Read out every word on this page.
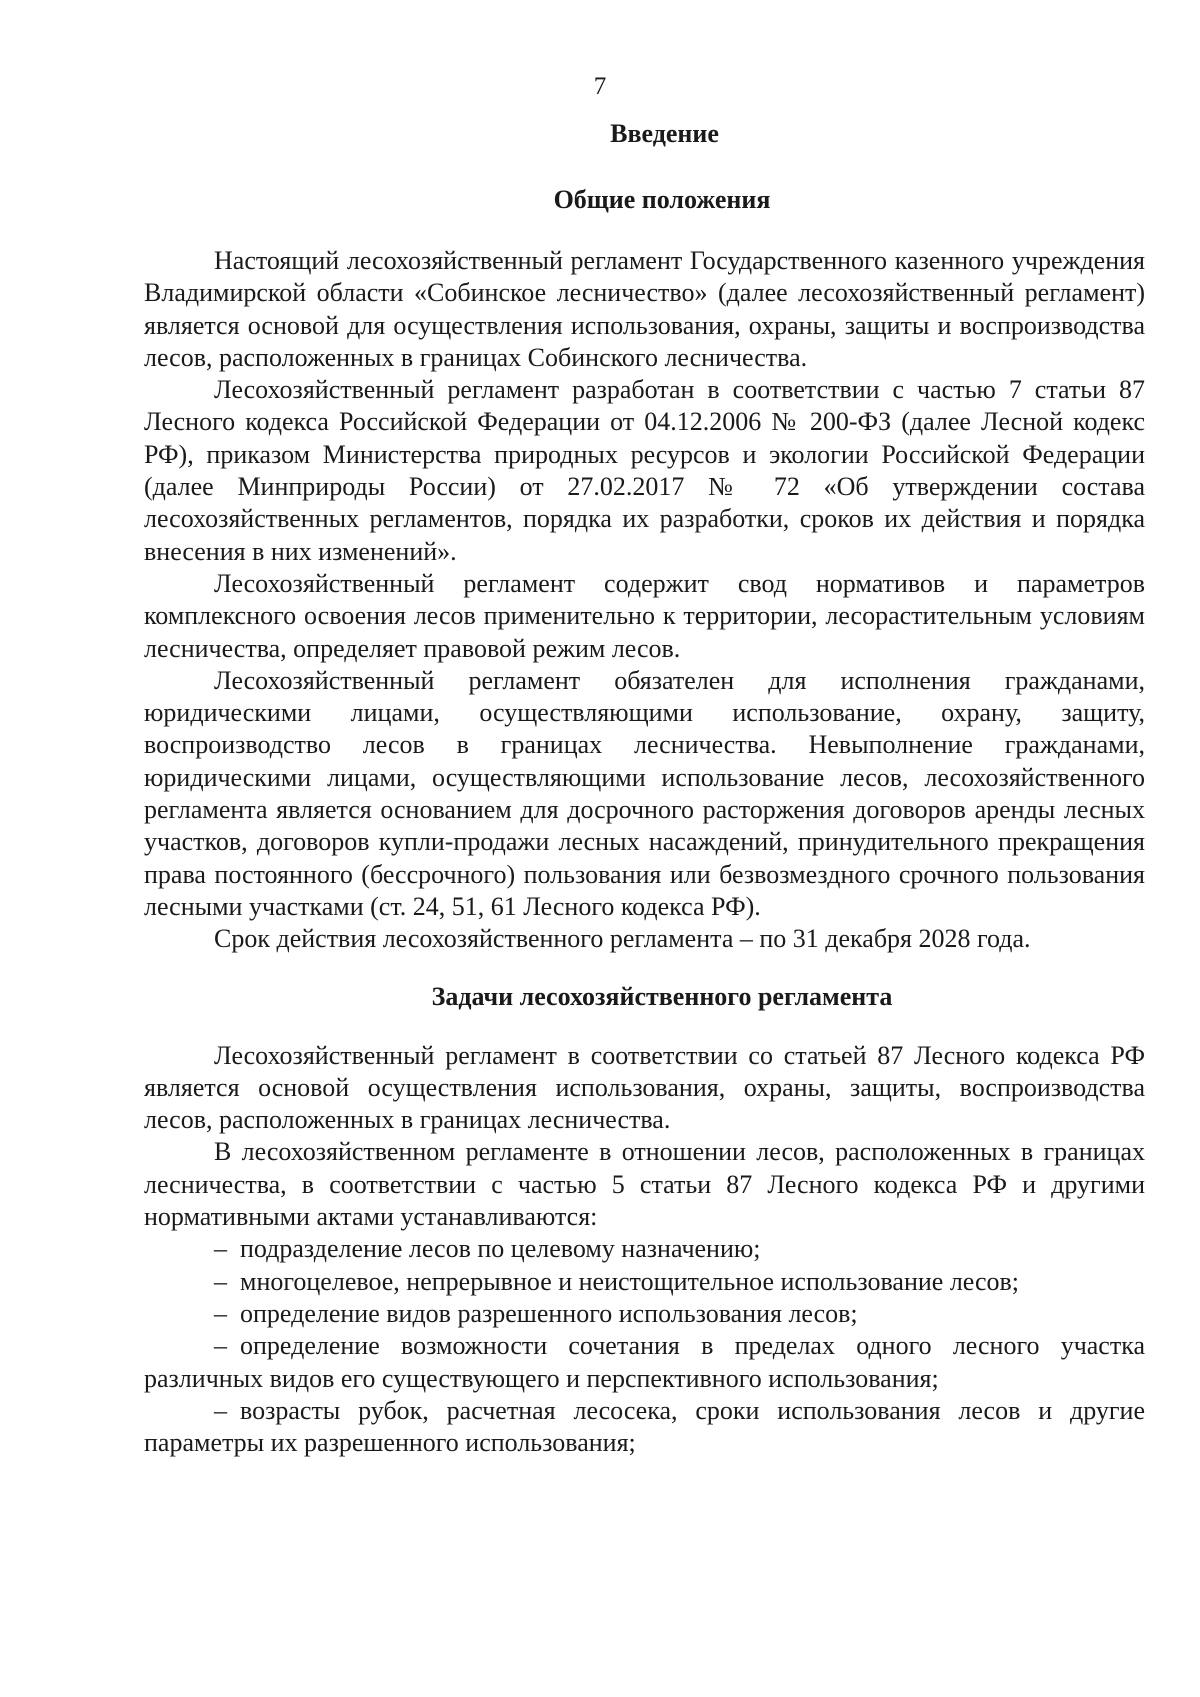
7
Введение
Общие положения

Настоящий лесохозяйственный регламент Государственного казенного учреждения Владимирской области «Собинское лесничество» (далее лесохозяйственный регламент) является основой для осуществления использования, охраны, защиты и воспроизводства лесов, расположенных в границах Собинского лесничества.

Лесохозяйственный регламент разработан в соответствии с частью 7 статьи 87 Лесного кодекса Российской Федерации от 04.12.2006 № 200-ФЗ (далее Лесной кодекс РФ), приказом Министерства природных ресурсов и экологии Российской Федерации (далее Минприроды России) от 27.02.2017 № 72 «Об утверждении состава лесохозяйственных регламентов, порядка их разработки, сроков их действия и порядка внесения в них изменений».

Лесохозяйственный регламент содержит свод нормативов и параметров комплексного освоения лесов применительно к территории, лесорастительным условиям лесничества, определяет правовой режим лесов.

Лесохозяйственный регламент обязателен для исполнения гражданами, юридическими лицами, осуществляющими использование, охрану, защиту, воспроизводство лесов в границах лесничества. Невыполнение гражданами, юридическими лицами, осуществляющими использование лесов, лесохозяйственного регламента является основанием для досрочного расторжения договоров аренды лесных участков, договоров купли-продажи лесных насаждений, принудительного прекращения права постоянного (бессрочного) пользования или безвозмездного срочного пользования лесными участками (ст. 24, 51, 61 Лесного кодекса РФ).

Срок действия лесохозяйственного регламента – по 31 декабря 2028 года.

Задачи лесохозяйственного регламента

Лесохозяйственный регламент в соответствии со статьей 87 Лесного кодекса РФ является основой осуществления использования, охраны, защиты, воспроизводства лесов, расположенных в границах лесничества.

В лесохозяйственном регламенте в отношении лесов, расположенных в границах лесничества, в соответствии с частью 5 статьи 87 Лесного кодекса РФ и другими нормативными актами устанавливаются:

– подразделение лесов по целевому назначению;

– многоцелевое, непрерывное и неистощительное использование лесов;

– определение видов разрешенного использования лесов;

– определение возможности сочетания в пределах одного лесного участка различных видов его существующего и перспективного использования;

– возрасты рубок, расчетная лесосека, сроки использования лесов и другие параметры их разрешенного использования;
